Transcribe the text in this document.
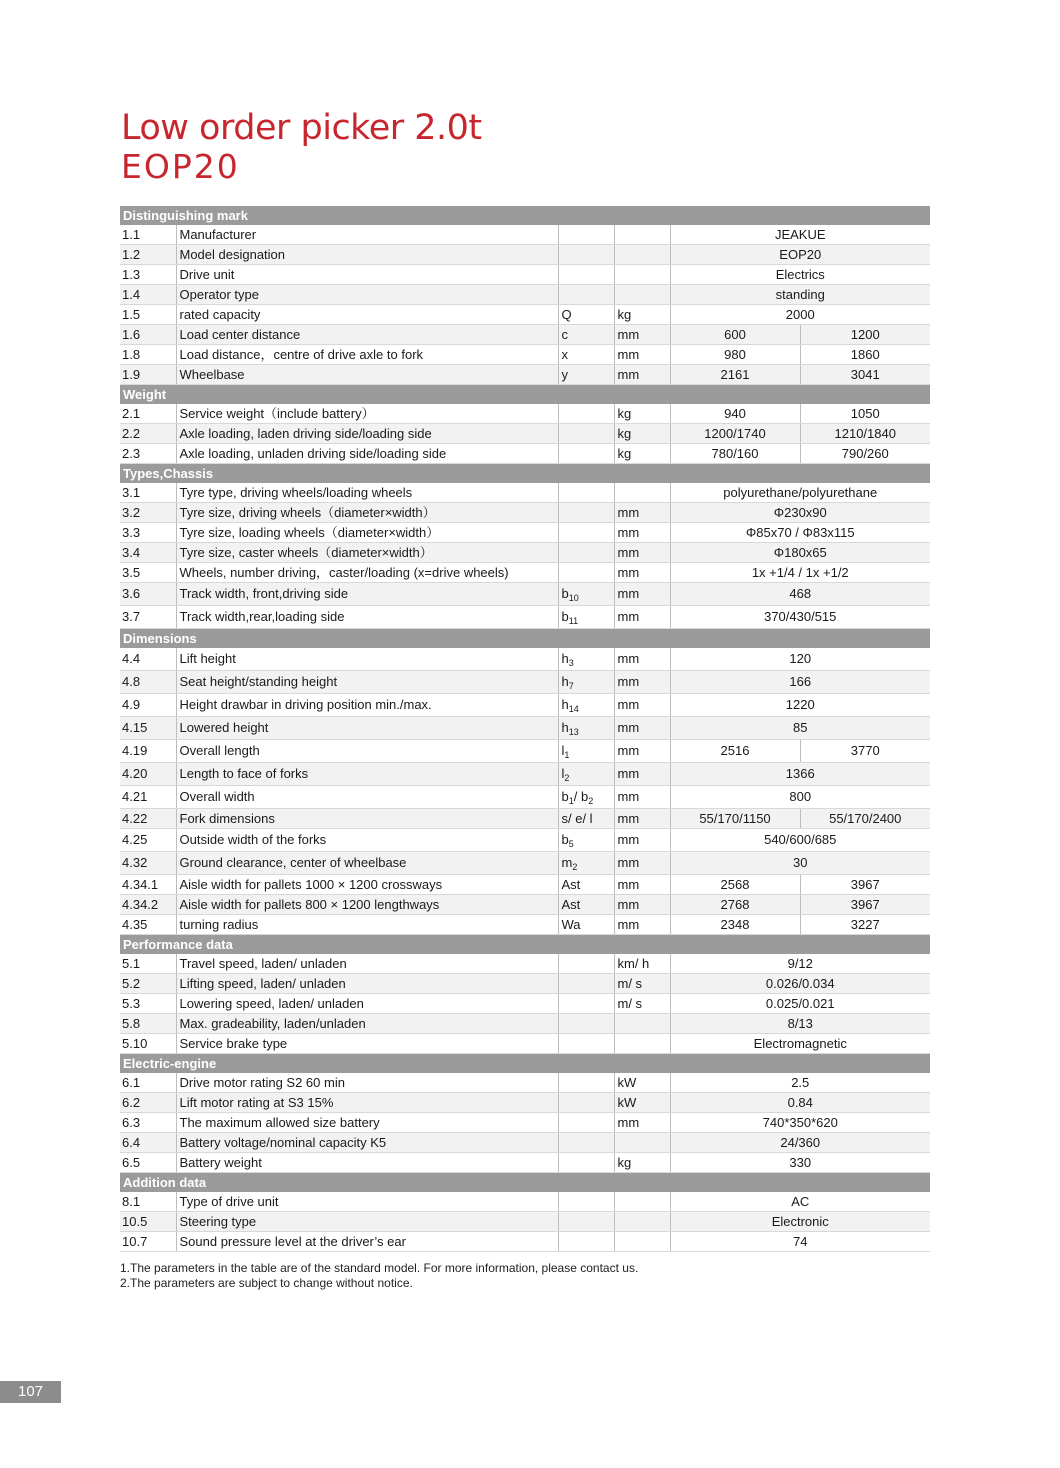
Low order picker 2.0t
EOP20
Distinguishing mark					
1.1	Manufacturer			JEAKUE	
1.2	Model designation			EOP20	
1.3	Drive unit			Electrics	
1.4	Operator type			standing	
1.5	rated capacity	Q	kg	2000	
1.6	Load center distance	c	mm	600	1200
1.8	Load distance，centre of drive axle to fork	x	mm	980	1860
1.9	Wheelbase	y	mm	2161	3041
Weight					
2.1	Service weight（include battery）		kg	940	1050
2.2	Axle loading, laden driving side/loading side		kg	1200/1740	1210/1840
2.3	Axle loading, unladen driving side/loading side		kg	780/160	790/260
Types,Chassis					
3.1	Tyre type, driving wheels/loading wheels			polyurethane/polyurethane	
3.2	Tyre size, driving wheels（diameter×width）		mm	Φ230x90	
3.3	Tyre size, loading wheels（diameter×width）		mm	Φ85x70 / Φ83x115	
3.4	Tyre size, caster wheels（diameter×width）		mm	Φ180x65	
3.5	Wheels, number driving，caster/loading (x=drive wheels)		mm	1x +1/4 / 1x +1/2	
3.6	Track width, front,driving side	$b_{10}$	mm	468	
3.7	Track width,rear,loading side	$b_{11}$	mm	370/430/515	
Dimensions					
4.4	Lift height	$h_3$	mm	120	
4.8	Seat height/standing height	$h_7$	mm	166	
4.9	Height drawbar in driving position min./max.	$h_{14}$	mm	1220	
4.15	Lowered height	$h_{13}$	mm	85	
4.19	Overall length	$l_1$	mm	2516	3770
4.20	Length to face of forks	$l_2$	mm	1366	
4.21	Overall width	$b_1/$ $b_2$	mm	800	
4.22	Fork dimensions	s/ e/ l	mm	55/170/1150	55/170/2400
4.25	Outside width of the forks	$b_5$	mm	540/600/685	
4.32	Ground clearance, center of wheelbase	$m_2$	mm	30	
4.34.1	Aisle width for pallets 1000 × 1200 crossways	Ast	mm	2568	3967
4.34.2	Aisle width for pallets 800 × 1200 lengthways	Ast	mm	2768	3967
4.35	turning radius	Wa	mm	2348	3227
Performance data					
5.1	Travel speed, laden/ unladen		km/ h	9/12	
5.2	Lifting speed, laden/ unladen		m/ s	0.026/0.034	
5.3	Lowering speed, laden/ unladen		m/ s	0.025/0.021	
5.8	Max. gradeability, laden/unladen			8/13	
5.10	Service brake type			Electromagnetic	
Electric-engine					
6.1	Drive motor rating S2 60 min		kW	2.5	
6.2	Lift motor rating at S3 15%		kW	0.84	
6.3	The maximum allowed size battery		mm	740*350*620	
6.4	Battery voltage/nominal capacity K5			24/360	
6.5	Battery weight		kg	330	
Addition data					
8.1	Type of drive unit			AC	
10.5	Steering type			Electronic	
10.7	Sound pressure level at the driver’s ear			74	

1.The parameters in the table are of the standard model. For more information, please contact us.

2.The parameters are subject to change without notice.

107
